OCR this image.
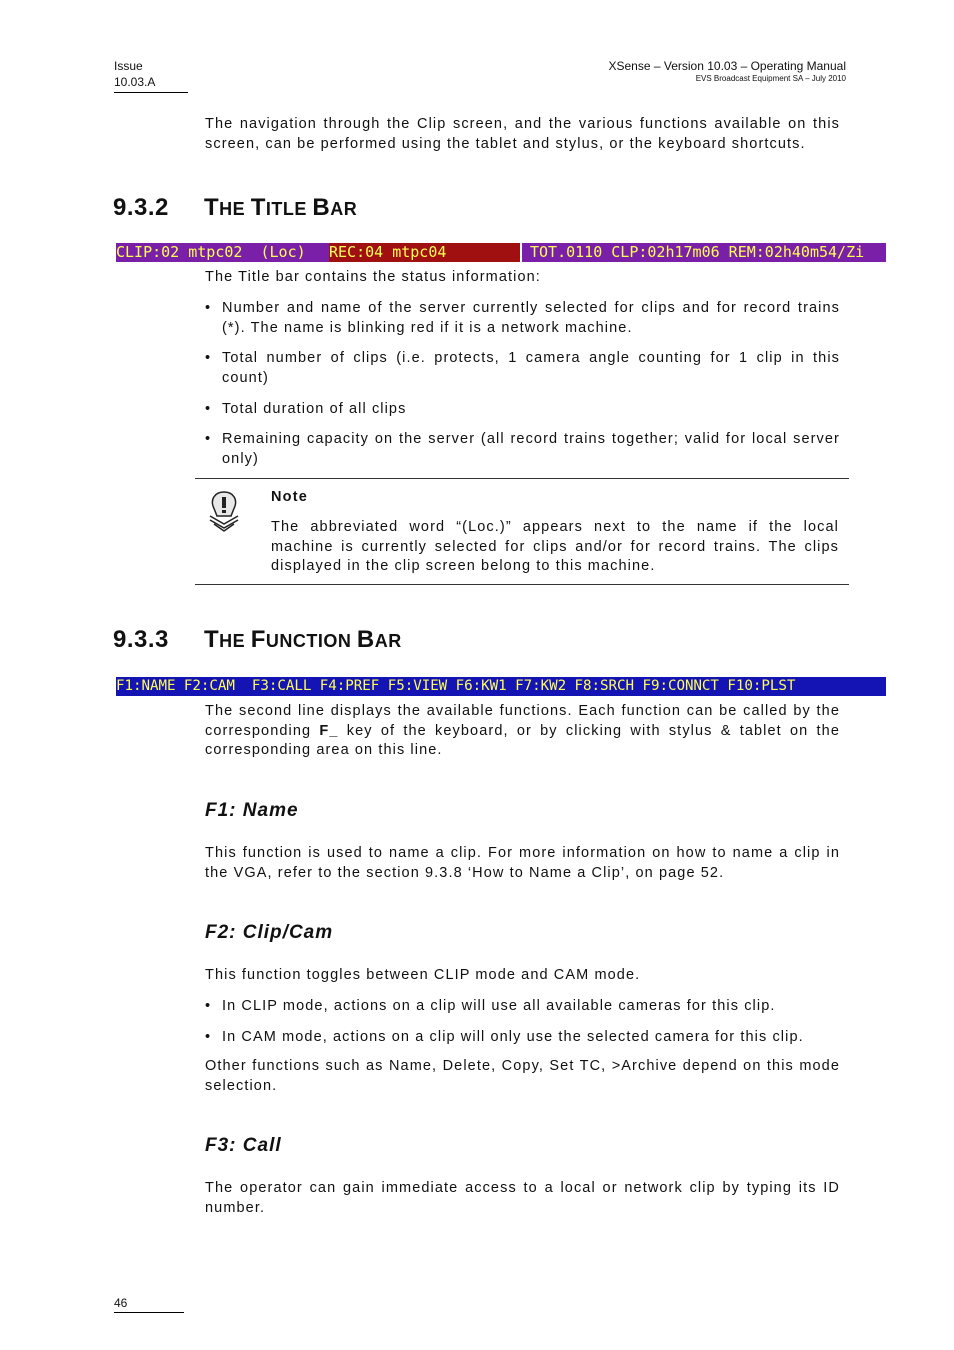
Issue
10.03.A
XSense – Version 10.03 – Operating Manual
EVS Broadcast Equipment SA – July 2010
The navigation through the Clip screen, and the various functions available on this screen, can be performed using the tablet and stylus, or the keyboard shortcuts.
9.3.2 THE TITLE BAR

CLIP:02 mtpc02  (Loc)

	REC:04 mtpc04

	TOT.0110 CLP:02h17m06 REM:02h40m54/Zi

The Title bar contains the status information:
• Number and name of the server currently selected for clips and for record trains (*). The name is blinking red if it is a network machine.
• Total number of clips (i.e. protects, 1 camera angle counting for 1 clip in this count)
• Total duration of all clips
• Remaining capacity on the server (all record trains together; valid for local server only)
Note
The abbreviated word “(Loc.)” appears next to the name if the local machine is currently selected for clips and/or for record trains. The clips displayed in the clip screen belong to this machine.
9.3.3 THE FUNCTION BAR
F1:NAME F2:CAM  F3:CALL F4:PREF F5:VIEW F6:KW1 F7:KW2 F8:SRCH F9:CONNCT F10:PLST
The second line displays the available functions. Each function can be called by the corresponding F_ key of the keyboard, or by clicking with stylus & tablet on the corresponding area on this line.
F1: Name
This function is used to name a clip. For more information on how to name a clip in the VGA, refer to the section 9.3.8 ‘How to Name a Clip’, on page 52.
F2: Clip/Cam
This function toggles between CLIP mode and CAM mode.
• In CLIP mode, actions on a clip will use all available cameras for this clip.
• In CAM mode, actions on a clip will only use the selected camera for this clip.
Other functions such as Name, Delete, Copy, Set TC, >Archive depend on this mode selection.
F3: Call
The operator can gain immediate access to a local or network clip by typing its ID number.
46
